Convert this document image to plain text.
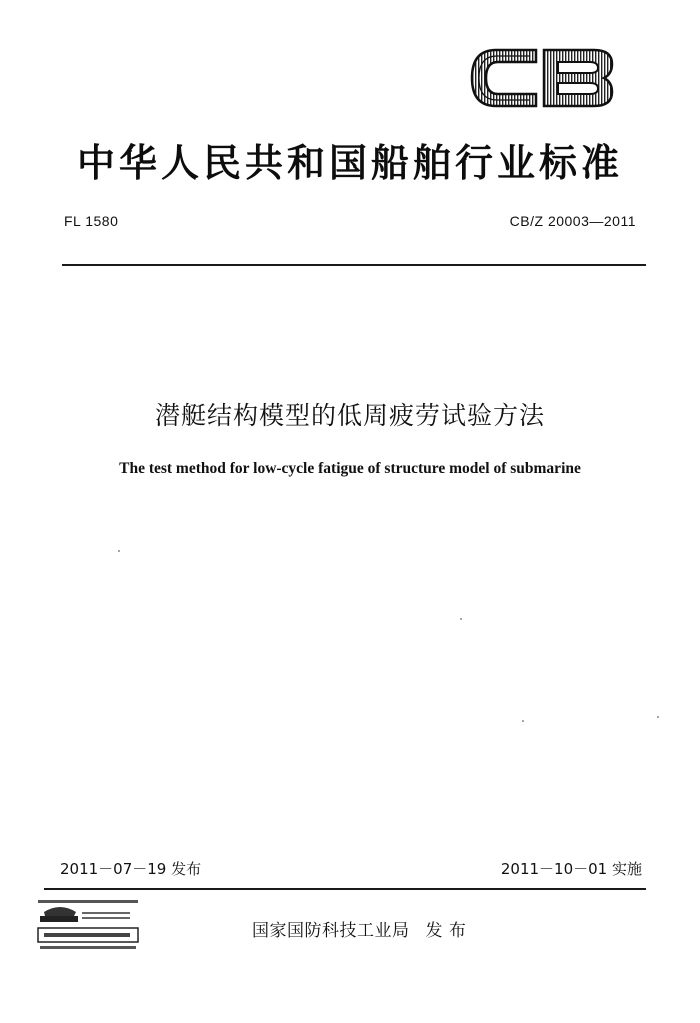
中华人民共和国船舶行业标准
FL 1580	CB/Z 20003—2011
潜艇结构模型的低周疲劳试验方法
The test method for low-cycle fatigue of structure model of submarine
2011－07－19 发布	2011－10－01 实施
国家国防科技工业局 发 布
